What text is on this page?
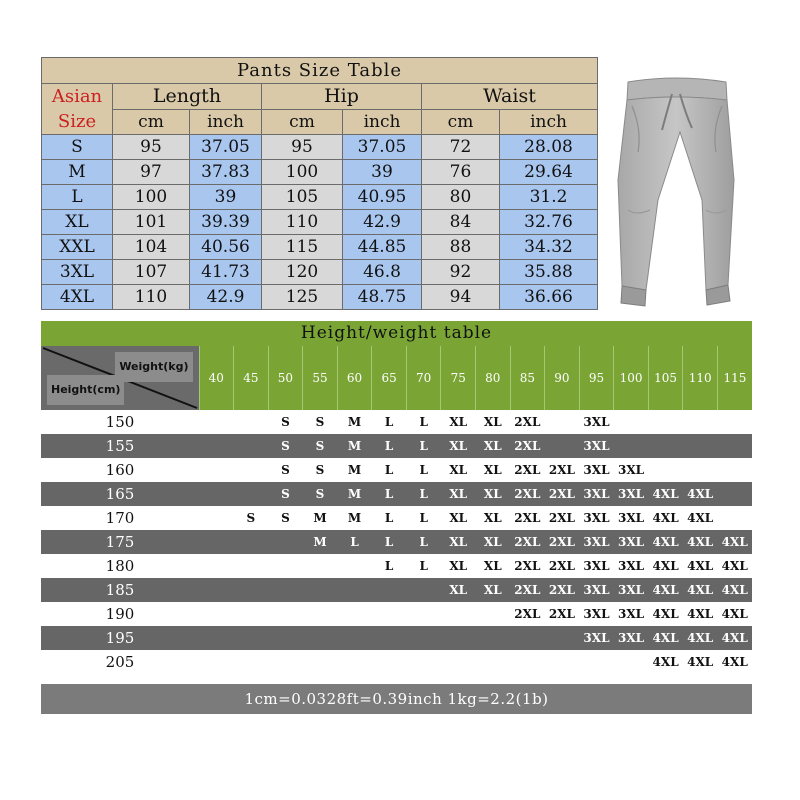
Pants Size Table						
Asian
Size	Length		Hip		Waist	
	cm	inch	cm	inch	cm	inch
S	95	37.05	95	37.05	72	28.08
M	97	37.83	100	39	76	29.64
L	100	39	105	40.95	80	31.2
XL	101	39.39	110	42.9	84	32.76
XXL	104	40.56	115	44.85	88	34.32
3XL	107	41.73	120	46.8	92	35.88
4XL	110	42.9	125	48.75	94	36.66
Height/weight table
Weight(kg)
Height(cm)	40	45	50	55	60	65	70	75	80	85	90	95	100	105	110	115
150			S	S	M	L	L	XL	XL	2XL		3XL				
155			S	S	M	L	L	XL	XL	2XL		3XL				
160			S	S	M	L	L	XL	XL	2XL	2XL	3XL	3XL			
165			S	S	M	L	L	XL	XL	2XL	2XL	3XL	3XL	4XL	4XL	
170		S	S	M	M	L	L	XL	XL	2XL	2XL	3XL	3XL	4XL	4XL	
175				M	L	L	L	XL	XL	2XL	2XL	3XL	3XL	4XL	4XL	4XL
180						L	L	XL	XL	2XL	2XL	3XL	3XL	4XL	4XL	4XL
185								XL	XL	2XL	2XL	3XL	3XL	4XL	4XL	4XL
190										2XL	2XL	3XL	3XL	4XL	4XL	4XL
195												3XL	3XL	4XL	4XL	4XL
205														4XL	4XL	4XL
1cm=0.0328ft=0.39inch 1kg=2.2(1b)
